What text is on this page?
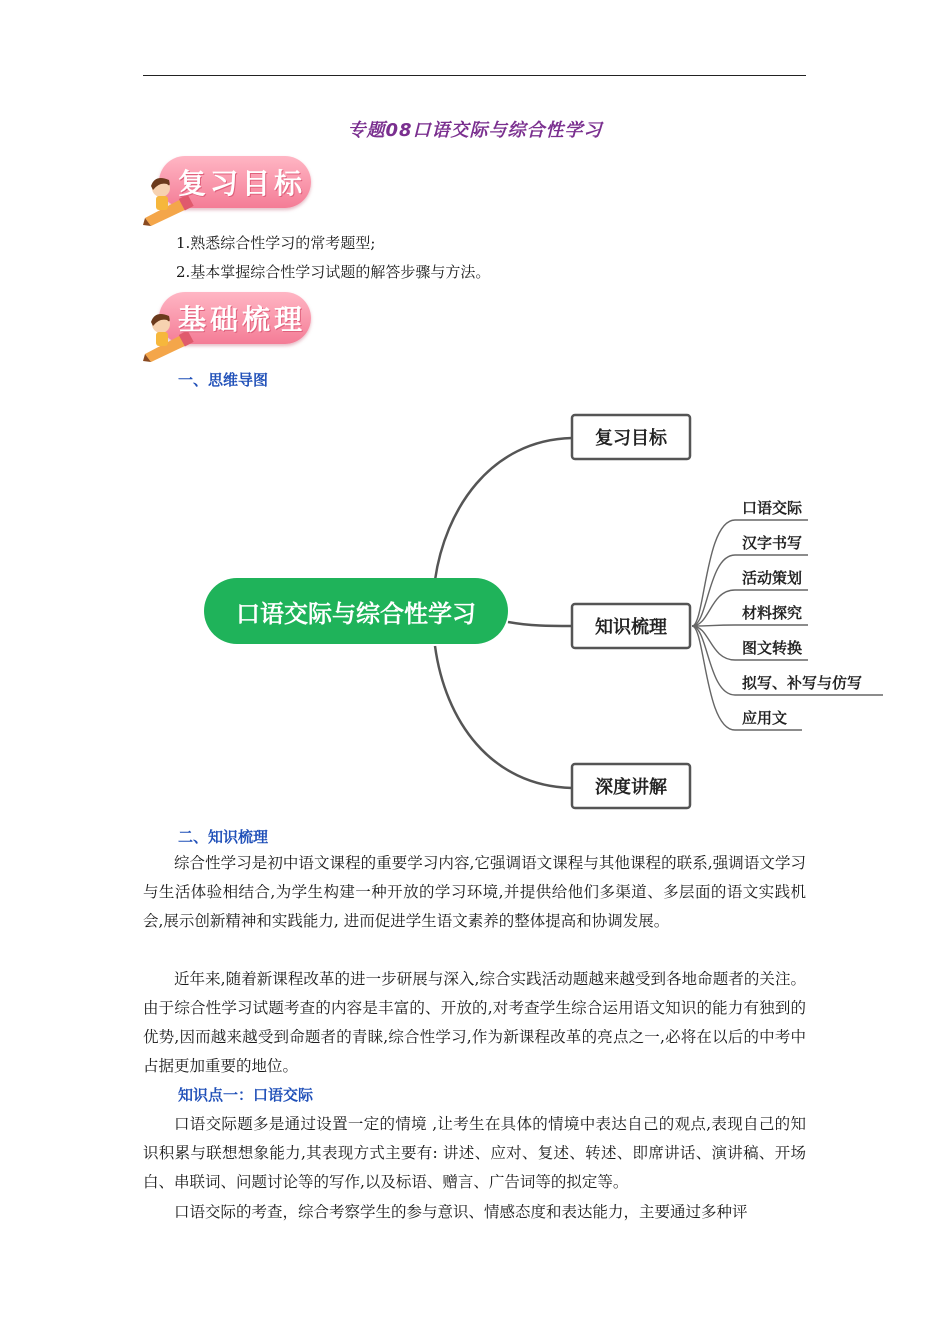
专题08口语交际与综合性学习
复习目标
1.熟悉综合性学习的常考题型;
2.基本掌握综合性学习试题的解答步骤与方法。
基础梳理
一、思维导图
口语交际与综合性学习
复习目标
知识梳理
深度讲解
口语交际
汉字书写
活动策划
材料探究
图文转换
拟写、补写与仿写
应用文
二、知识梳理

综合性学习是初中语文课程的重要学习内容,它强调语文课程与其他课程的联系,强调语文学习与生活体验相结合,为学生构建一种开放的学习环境,并提供给他们多渠道、多层面的语文实践机会,展示创新精神和实践能力, 进而促进学生语文素养的整体提高和协调发展。

近年来,随着新课程改革的进一步研展与深入,综合实践活动题越来越受到各地命题者的关注。由于综合性学习试题考查的内容是丰富的、开放的,对考查学生综合运用语文知识的能力有独到的优势,因而越来越受到命题者的青睐,综合性学习,作为新课程改革的亮点之一,必将在以后的中考中占据更加重要的地位。

知识点一：口语交际

口语交际题多是通过设置一定的情境 ,让考生在具体的情境中表达自己的观点,表现自己的知识积累与联想想象能力,其表现方式主要有: 讲述、应对、复述、转述、即席讲话、演讲稿、开场白、串联词、问题讨论等的写作,以及标语、赠言、广告词等的拟定等。

口语交际的考查，综合考察学生的参与意识、情感态度和表达能力，主要通过多种评
